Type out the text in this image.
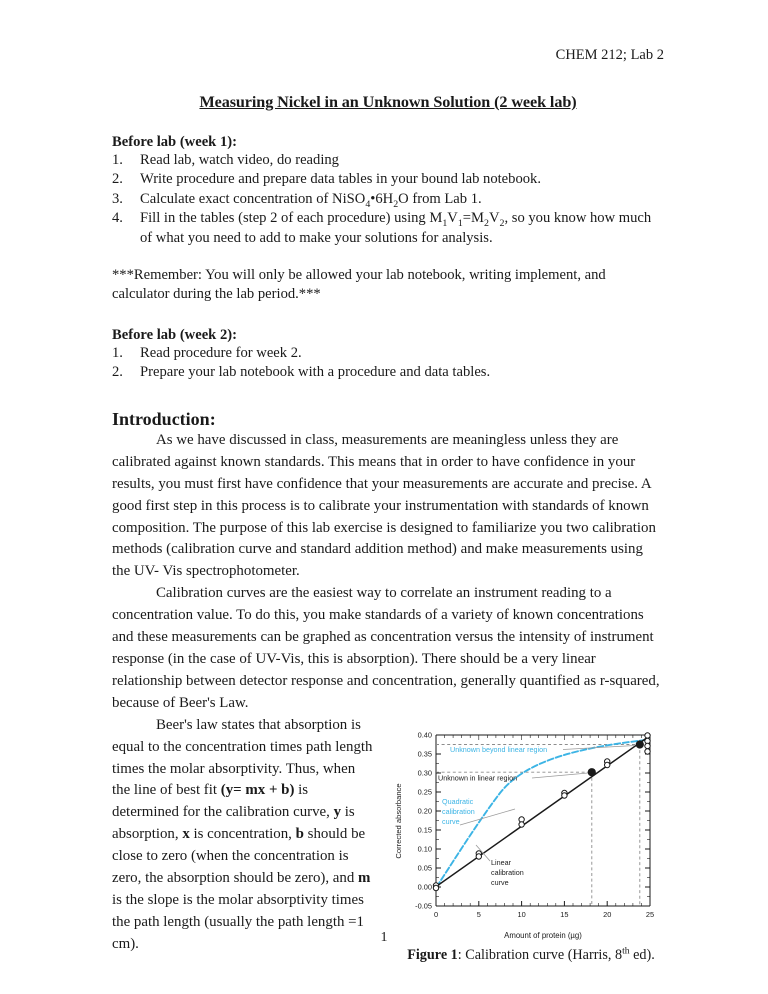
CHEM 212; Lab 2
Measuring Nickel in an Unknown Solution (2 week lab)
Before lab (week 1):
1.	Read lab, watch video, do reading
2.	Write procedure and prepare data tables in your bound lab notebook.
3.	Calculate exact concentration of $NiSO_4•6H_2O$ from Lab 1.
4.	Fill in the tables (step 2 of each procedure) using $M_1V_1=M_2V_2$, so you know how much of what you need to add to make your solutions for analysis.

***Remember: You will only be allowed your lab notebook, writing implement, and calculator during the lab period.***

Before lab (week 2):
1.	Read procedure for week 2.
2.	Prepare your lab notebook with a procedure and data tables.
Introduction:

As we have discussed in class, measurements are meaningless unless they are calibrated against known standards. This means that in order to have confidence in your results, you must first have confidence that your measurements are accurate and precise. A good first step in this process is to calibrate your instrumentation with standards of known composition. The purpose of this lab exercise is designed to familiarize you two calibration methods (calibration curve and standard addition method) and make measurements using the UV- Vis spectrophotometer.

Calibration curves are the easiest way to correlate an instrument reading to a concentration value. To do this, you make standards of a variety of known concentrations and these measurements can be graphed as concentration versus the intensity of instrument response (in the case of UV-Vis, this is absorption). There should be a very linear relationship between detector response and concentration, generally quantified as r-squared, because of Beer's Law.

Corrected absorbance
Amount of protein (µg)
0.40
0.35
0.30
0.25
0.20
0.15
0.10
0.05
0.00
-0.05
0	5	10	15	20	25
Unknown beyond linear region
Unknown in linear region
Quadratic
calibration
curve
Linear
calibration
curve
Figure 1: Calibration curve (Harris, 8th ed).

Beer's law states that absorption is equal to the concentration times path length times the molar absorptivity. Thus, when the line of best fit (y= mx + b) is determined for the calibration curve, y is absorption, x is concentration, b should be close to zero (when the concentration is zero, the absorption should be zero), and m is the slope is the molar absorptivity times the path length (usually the path length =1 cm).	1
